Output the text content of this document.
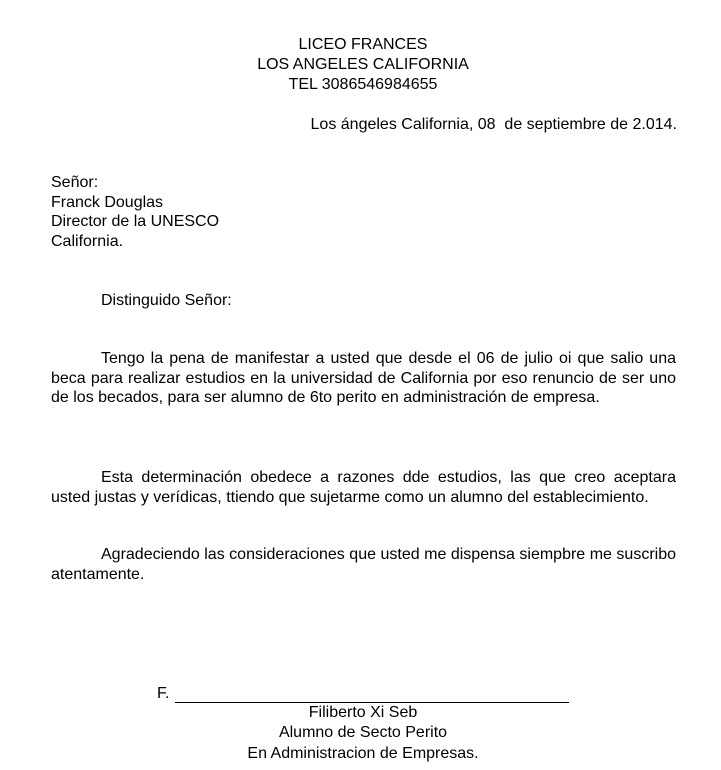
LICEO FRANCES
LOS ANGELES CALIFORNIA
TEL 3086546984655
Los ángeles California, 08  de septiembre de 2.014.
Señor:
Franck Douglas
Director de la UNESCO
California.
Distinguido Señor:

Tengo la pena de manifestar a usted que desde el 06 de julio oi que salio una beca para realizar estudios en la universidad de California por eso renuncio de ser uno de los becados, para ser alumno de 6to perito en administración de empresa.

Esta determinación obedece a razones dde estudios, las que creo aceptara usted justas y verídicas, ttiendo que sujetarme como un alumno del establecimiento.

Agradeciendo las consideraciones que usted me dispensa siempbre me suscribo atentamente.

F.
Filiberto Xi Seb
Alumno de Secto Perito
En Administracion de Empresas.
